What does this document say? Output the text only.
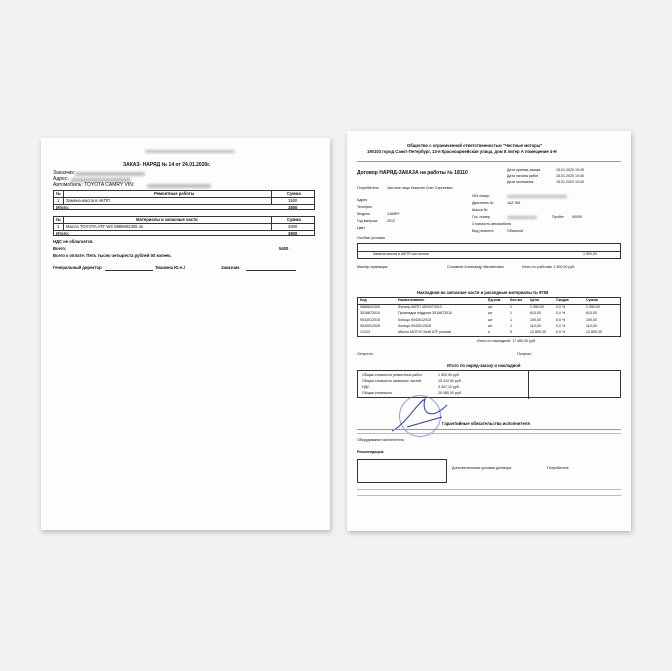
ЗАКАЗ- НАРЯД № 14 от 24.01.2020г.
Заказчик:
Адрес:
Автомобиль: TOYOTA CAMRY VIN:
№	Ремонтные работы	Сумма
1 Замена масла в АКПП	1500
Итого:	1500
№	Материалы и запасные части	Сумма
1 Масло TOYOTA ATF WS 0888602305 4л	3900
Итого:	3900
НДС не облагается.
Всего:
Всего к оплате: Пять тысяч четыреста рублей 00 копеек.
5400
Генеральный директор	Тишкина Ю.А./	Заказчик
Общество с ограниченной ответственностью "Честные моторы"
190103 город Санкт-Петербург, 13-я Красноармейская улица, дом 8 литер А помещение 4-Н
Договор НАРЯД-ЗАКАЗА на работы № 18110	Дата приема заказа	15.01.2020 10:40
Дата начала работ	15.01.2020 10:40
Дата окончания	15.01.2020 10:40
Потребитель Частное лицо Никитин Олег Сергеевич
Адрес
Телефон
Модель	CAMRY
Год выпуска	2012
Цвет
VIN номер
Двигатель №	1AZ 961
Шасси №
Гос. номер	Пробег 90000
Стоимость автомобиля
Вид ремонта	Обычный
Особые условия
Замена масла в АКПП частичная	1 500,00
Мастер-приемщик	Соловьев Александр Михайлович	Итого по работам: 1 500,00 руб.
Накладная на запасные части и расходные материалы № 9756
Код	Наименование	Ед.изм. Кол-во Цена	Скидка	Сумма
0888602305	Фильтр АКПП 3533073010	шт	1	2 950,00	0,0 %	2 950,00
3516873010	Прокладка поддона 3516873010	шт	1	610,00	0,0 %	610,00
9043012015	Кольцо 9043012015	шт	1	190,00	0,0 %	190,00
9043012028	Кольцо 9043012028	шт	1	110,00	0,0 %	110,00
1/1/23	Масло МОТУЛ Multi ATF розлив	л	5	12 800,00	0,0 %	12 800,00
Итого по накладной: 17 460,00 руб.
Отпустил	Получил
Итого по наряд-заказу и накладной
Общая стоимость ремонтных работ	1 500,00 руб.
Общая стоимость запасных частей	15 412,00 руб.
НДС	3 347,12 руб.
Общая стоимость	20 080,00 руб.
Гарантийные обязательства исполнителя
Оборудование исполнителя
Рекомендации:
Дополнительные условия договора	Потребитель
